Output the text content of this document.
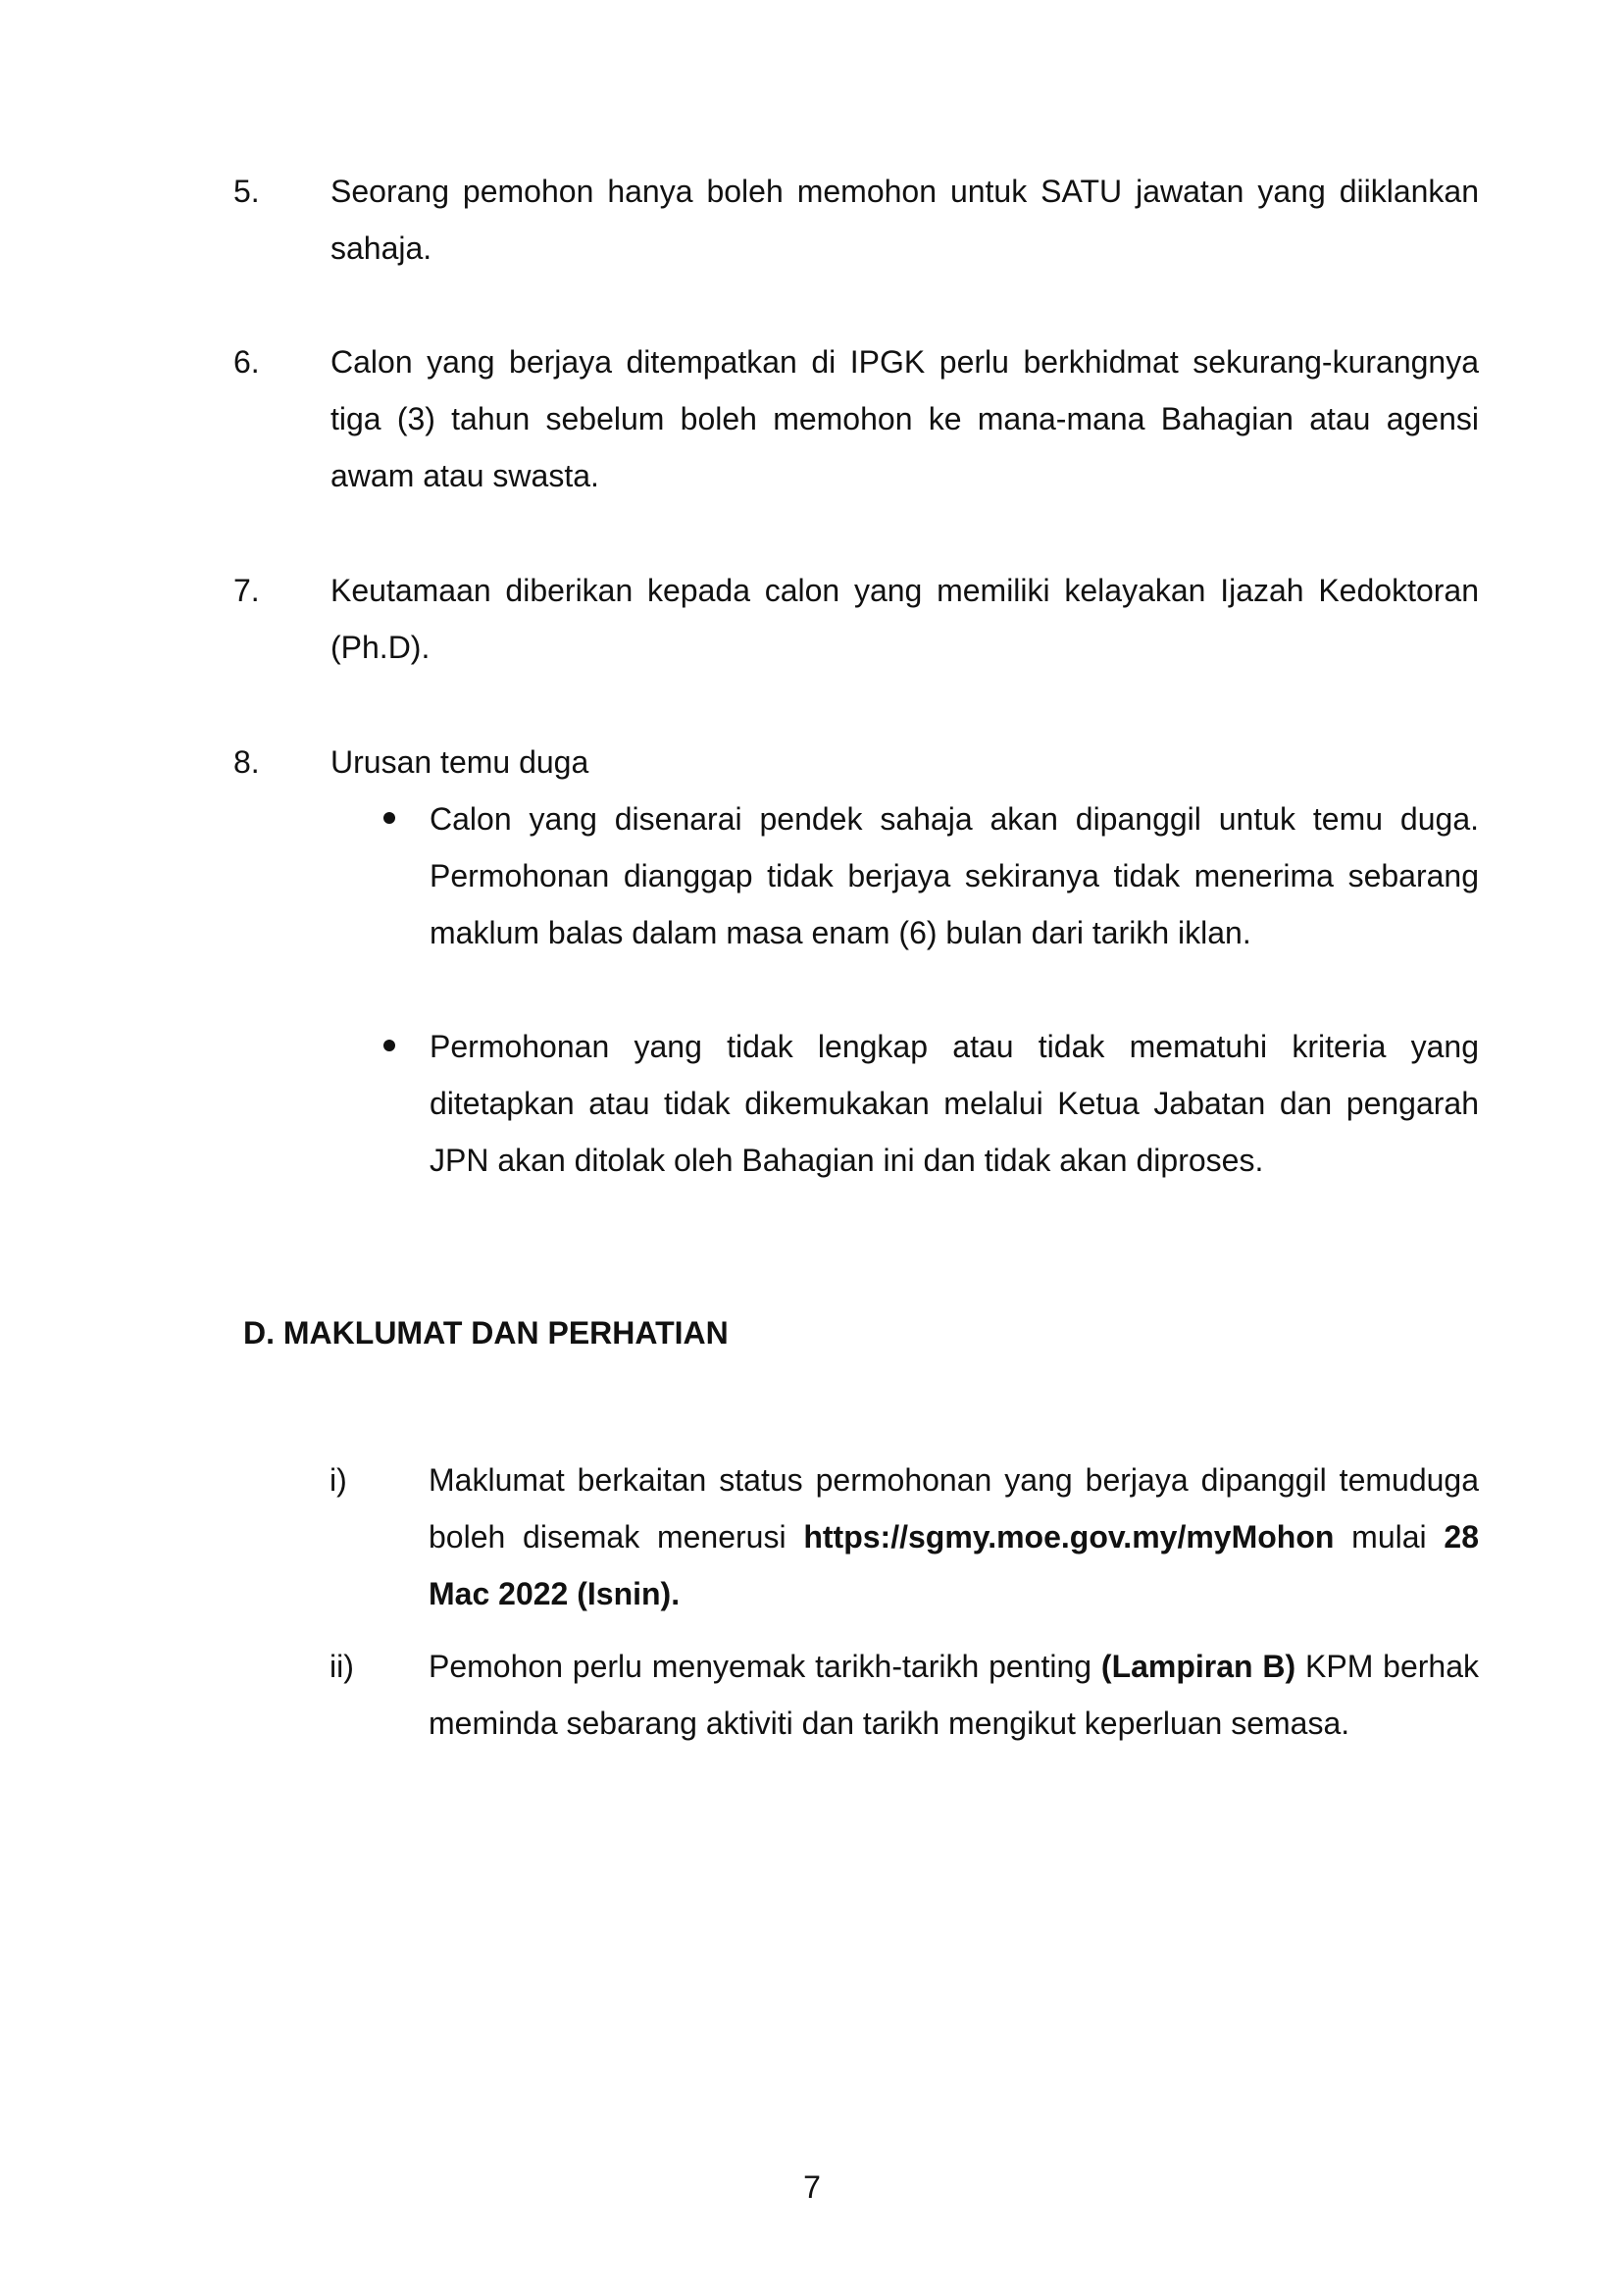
5.	Seorang pemohon hanya boleh memohon untuk SATU jawatan yang diiklankan sahaja.
6.	Calon yang berjaya ditempatkan di IPGK perlu berkhidmat sekurang-kurangnya tiga (3) tahun sebelum boleh memohon ke mana-mana Bahagian atau agensi awam atau swasta.
7.	Keutamaan diberikan kepada calon yang memiliki kelayakan Ijazah Kedoktoran (Ph.D).
8.	Urusan temu duga
Calon yang disenarai pendek sahaja akan dipanggil untuk temu duga. Permohonan dianggap tidak berjaya sekiranya tidak menerima sebarang maklum balas dalam masa enam (6) bulan dari tarikh iklan.
Permohonan yang tidak lengkap atau tidak mematuhi kriteria yang ditetapkan atau tidak dikemukakan melalui Ketua Jabatan dan pengarah JPN akan ditolak oleh Bahagian ini dan tidak akan diproses.
D. MAKLUMAT DAN PERHATIAN
i)	Maklumat berkaitan status permohonan yang berjaya dipanggil temuduga boleh disemak menerusi https://sgmy.moe.gov.my/myMohon mulai 28 Mac 2022 (Isnin).
ii)	Pemohon perlu menyemak tarikh-tarikh penting (Lampiran B) KPM berhak meminda sebarang aktiviti dan tarikh mengikut keperluan semasa.
7
